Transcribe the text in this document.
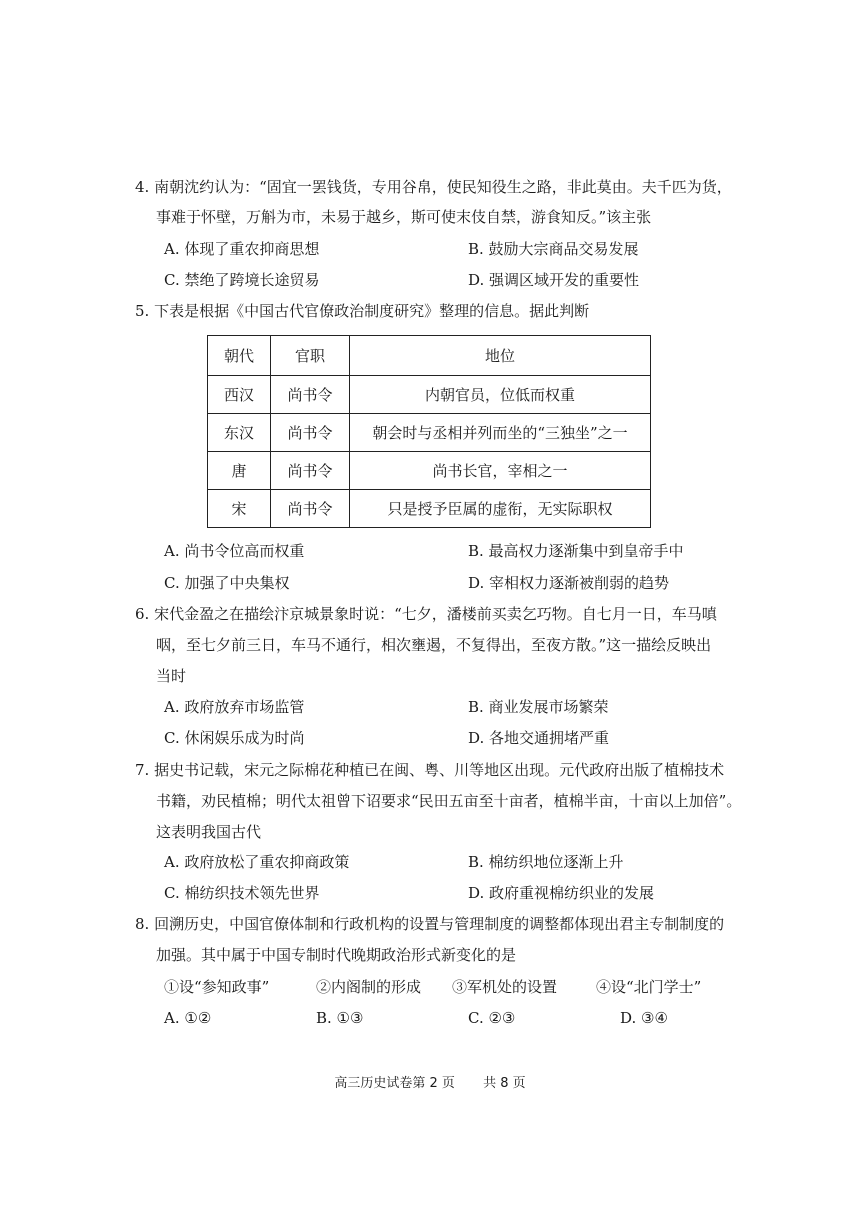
4. 南朝沈约认为：“固宜一罢钱货，专用谷帛，使民知役生之路，非此莫由。夫千匹为货，
事难于怀壁，万斛为市，未易于越乡，斯可使末伎自禁，游食知反。”该主张
A. 体现了重农抑商思想	B. 鼓励大宗商品交易发展
C. 禁绝了跨境长途贸易	D. 强调区域开发的重要性
5. 下表是根据《中国古代官僚政治制度研究》整理的信息。据此判断
朝代	官职	地位
西汉	尚书令	内朝官员，位低而权重
东汉	尚书令	朝会时与丞相并列而坐的“三独坐”之一
唐	尚书令	尚书长官，宰相之一
宋	尚书令	只是授予臣属的虚衔，无实际职权
A. 尚书令位高而权重	B. 最高权力逐渐集中到皇帝手中
C. 加强了中央集权	D. 宰相权力逐渐被削弱的趋势
6. 宋代金盈之在描绘汴京城景象时说：“七夕，潘楼前买卖乞巧物。自七月一日，车马嗔
咽，至七夕前三日，车马不通行，相次壅遏，不复得出，至夜方散。”这一描绘反映出
当时
A. 政府放弃市场监管	B. 商业发展市场繁荣
C. 休闲娱乐成为时尚	D. 各地交通拥堵严重
7. 据史书记载，宋元之际棉花种植已在闽、粤、川等地区出现。元代政府出版了植棉技术
书籍，劝民植棉；明代太祖曾下诏要求“民田五亩至十亩者，植棉半亩，十亩以上加倍”。
这表明我国古代
A. 政府放松了重农抑商政策	B. 棉纺织地位逐渐上升
C. 棉纺织技术领先世界	D. 政府重视棉纺织业的发展
8. 回溯历史，中国官僚体制和行政机构的设置与管理制度的调整都体现出君主专制制度的
加强。其中属于中国专制时代晚期政治形式新变化的是
①设“参知政事”	②内阁制的形成 ③军机处的设置	④设“北门学士”
A. ①②	B. ①③	C. ②③	D. ③④
高三历史试卷第 2 页 共 8 页
